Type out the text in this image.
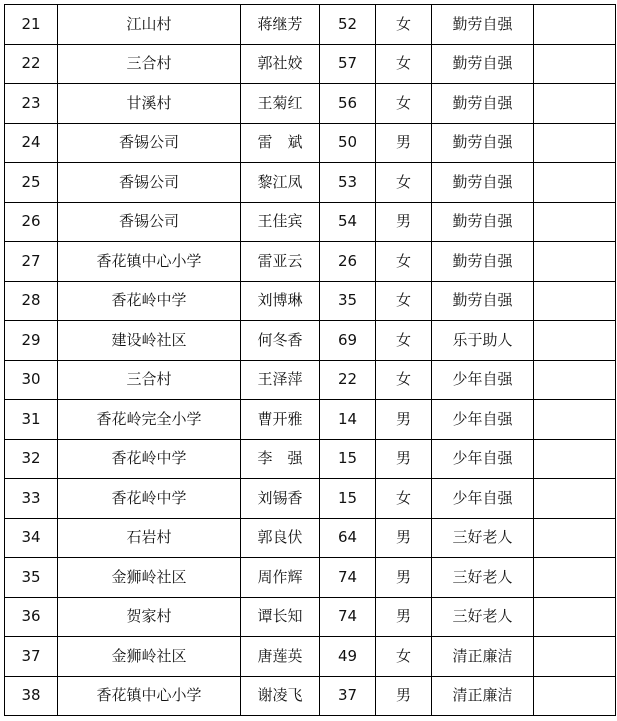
21	江山村	蒋继芳	52	女	勤劳自强	
22	三合村	郭社姣	57	女	勤劳自强	
23	甘溪村	王菊红	56	女	勤劳自强	
24	香锡公司	雷　斌	50	男	勤劳自强	
25	香锡公司	黎江凤	53	女	勤劳自强	
26	香锡公司	王佳宾	54	男	勤劳自强	
27	香花镇中心小学	雷亚云	26	女	勤劳自强	
28	香花岭中学	刘博琳	35	女	勤劳自强	
29	建设岭社区	何冬香	69	女	乐于助人	
30	三合村	王泽萍	22	女	少年自强	
31	香花岭完全小学	曹开雅	14	男	少年自强	
32	香花岭中学	李　强	15	男	少年自强	
33	香花岭中学	刘锡香	15	女	少年自强	
34	石岩村	郭良伏	64	男	三好老人	
35	金狮岭社区	周作辉	74	男	三好老人	
36	贺家村	谭长知	74	男	三好老人	
37	金狮岭社区	唐莲英	49	女	清正廉洁	
38	香花镇中心小学	谢凌飞	37	男	清正廉洁	
